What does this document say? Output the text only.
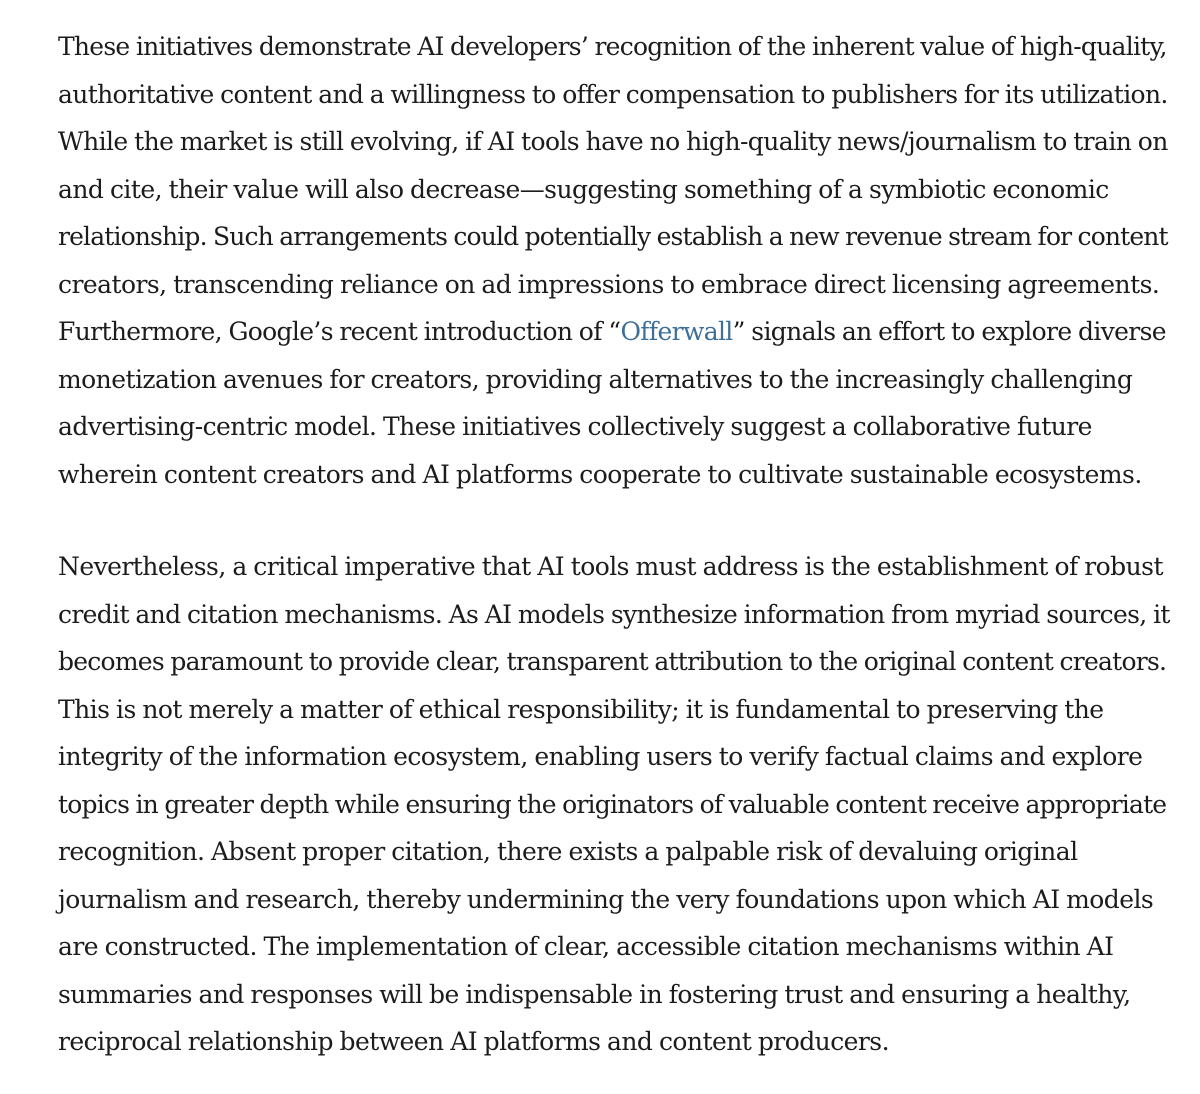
These initiatives demonstrate AI developers’ recognition of the inherent value of high-quality,
authoritative content and a willingness to offer compensation to publishers for its utilization.
While the market is still evolving, if AI tools have no high-quality news/journalism to train on
and cite, their value will also decrease—suggesting something of a symbiotic economic
relationship. Such arrangements could potentially establish a new revenue stream for content
creators, transcending reliance on ad impressions to embrace direct licensing agreements.
Furthermore, Google’s recent introduction of “Offerwall” signals an effort to explore diverse
monetization avenues for creators, providing alternatives to the increasingly challenging
advertising-centric model. These initiatives collectively suggest a collaborative future
wherein content creators and AI platforms cooperate to cultivate sustainable ecosystems.

Nevertheless, a critical imperative that AI tools must address is the establishment of robust
credit and citation mechanisms. As AI models synthesize information from myriad sources, it
becomes paramount to provide clear, transparent attribution to the original content creators.
This is not merely a matter of ethical responsibility; it is fundamental to preserving the
integrity of the information ecosystem, enabling users to verify factual claims and explore
topics in greater depth while ensuring the originators of valuable content receive appropriate
recognition. Absent proper citation, there exists a palpable risk of devaluing original
journalism and research, thereby undermining the very foundations upon which AI models
are constructed. The implementation of clear, accessible citation mechanisms within AI
summaries and responses will be indispensable in fostering trust and ensuring a healthy,
reciprocal relationship between AI platforms and content producers.
